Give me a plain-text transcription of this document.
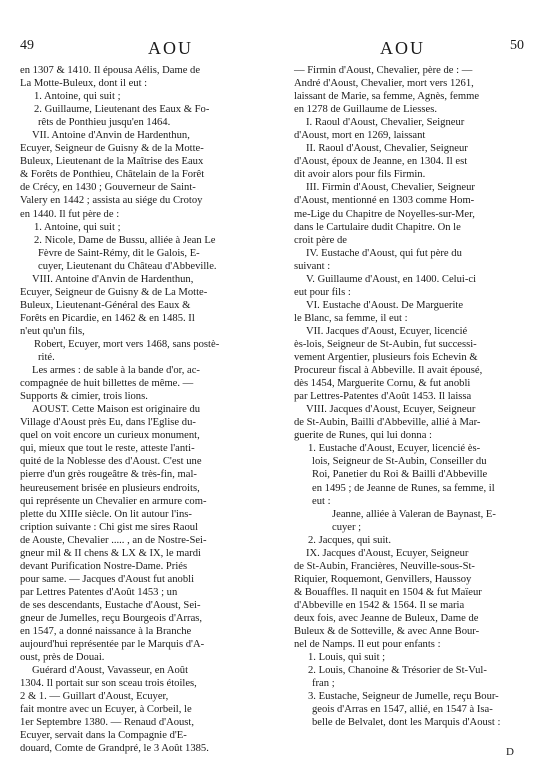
49	AOU	AOU	50
en 1307 & 1410. Il épousa Aélis, Dame de
La Motte-Buleux, dont il eut :
1. Antoine, qui suit ;
2. Guillaume, Lieutenant des Eaux & Fo-
rêts de Ponthieu jusqu'en 1464.
VII. Antoine d'Anvin de Hardenthun,
Ecuyer, Seigneur de Guisny & de la Motte-
Buleux, Lieutenant de la Maîtrise des Eaux
& Forêts de Ponthieu, Châtelain de la Forêt
de Crécy, en 1430 ; Gouverneur de Saint-
Valery en 1442 ; assista au siége du Crotoy
en 1440. Il fut père de :
1. Antoine, qui suit ;
2. Nicole, Dame de Bussu, alliée à Jean Le
Fèvre de Saint-Rémy, dit le Galois, E-
cuyer, Lieutenant du Château d'Abbeville.
VIII. Antoine d'Anvin de Hardenthun,
Ecuyer, Seigneur de Guisny & de La Motte-
Buleux, Lieutenant-Général des Eaux &
Forêts en Picardie, en 1462 & en 1485. Il
n'eut qu'un fils,
Robert, Ecuyer, mort vers 1468, sans postè-
rité.
Les armes : de sable à la bande d'or, ac-
compagnée de huit billettes de même. —
Supports & cimier, trois lions.
AOUST. Cette Maison est originaire du
Village d'Aoust près Eu, dans l'Eglise du-
quel on voit encore un curieux monument,
qui, mieux que tout le reste, atteste l'anti-
quité de la Noblesse des d'Aoust. C'est une
pierre d'un grès rougeâtre & très-fin, mal-
heureusement brisée en plusieurs endroits,
qui représente un Chevalier en armure com-
plette du XIIIe siècle. On lit autour l'ins-
cription suivante : Chi gist me sires Raoul
de Aouste, Chevalier ..... , an de Nostre-Sei-
gneur mil & II chens & LX & IX, le mardi
devant Purification Nostre-Dame. Priés
pour same. — Jacques d'Aoust fut anobli
par Lettres Patentes d'Août 1453 ; un
de ses descendants, Eustache d'Aoust, Sei-
gneur de Jumelles, reçu Bourgeois d'Arras,
en 1547, a donné naissance à la Branche
aujourd'hui représentée par le Marquis d'A-
oust, près de Douai.
Guérard d'Aoust, Vavasseur, en Août
1304. Il portait sur son sceau trois étoiles,
2 & 1. — Guillart d'Aoust, Ecuyer,
fait montre avec un Ecuyer, à Corbeil, le
1er Septembre 1380. — Renaud d'Aoust,
Ecuyer, servait dans la Compagnie d'E-
douard, Comte de Grandpré, le 3 Août 1385.
— Firmin d'Aoust, Chevalier, père de : —
André d'Aoust, Chevalier, mort vers 1261,
laissant de Marie, sa femme, Agnès, femme
en 1278 de Guillaume de Liesses.
I. Raoul d'Aoust, Chevalier, Seigneur
d'Aoust, mort en 1269, laissant
II. Raoul d'Aoust, Chevalier, Seigneur
d'Aoust, époux de Jeanne, en 1304. Il est
dit avoir alors pour fils Firmin.
III. Firmin d'Aoust, Chevalier, Seigneur
d'Aoust, mentionné en 1303 comme Hom-
me-Lige du Chapitre de Noyelles-sur-Mer,
dans le Cartulaire dudit Chapitre. On le
croit père de
IV. Eustache d'Aoust, qui fut père du
suivant :
V. Guillaume d'Aoust, en 1400. Celui-ci
eut pour fils :
VI. Eustache d'Aoust. De Marguerite
le Blanc, sa femme, il eut :
VII. Jacques d'Aoust, Ecuyer, licencié
ès-lois, Seigneur de St-Aubin, fut successi-
vement Argentier, plusieurs fois Echevin &
Procureur fiscal à Abbeville. Il avait épousé,
dès 1454, Marguerite Cornu, & fut anobli
par Lettres-Patentes d'Août 1453. Il laissa
VIII. Jacques d'Aoust, Ecuyer, Seigneur
de St-Aubin, Bailli d'Abbeville, allié à Mar-
guerite de Runes, qui lui donna :
1. Eustache d'Aoust, Ecuyer, licencié ès-
lois, Seigneur de St-Aubin, Conseiller du
Roi, Panetier du Roi & Bailli d'Abbeville
en 1495 ; de Jeanne de Runes, sa femme, il
eut :
Jeanne, alliée à Valeran de Baynast, E-
cuyer ;
2. Jacques, qui suit.
IX. Jacques d'Aoust, Ecuyer, Seigneur
de St-Aubin, Francières, Neuville-sous-St-
Riquier, Roquemont, Genvillers, Haussoy
& Bouaffles. Il naquit en 1504 & fut Maïeur
d'Abbeville en 1542 & 1564. Il se maria
deux fois, avec Jeanne de Buleux, Dame de
Buleux & de Sotteville, & avec Anne Bour-
nel de Namps. Il eut pour enfants :
1. Louis, qui suit ;
2. Louis, Chanoine & Trésorier de St-Vul-
fran ;
3. Eustache, Seigneur de Jumelle, reçu Bour-
geois d'Arras en 1547, allié, en 1547 à Isa-
belle de Belvalet, dont les Marquis d'Aoust :
D
